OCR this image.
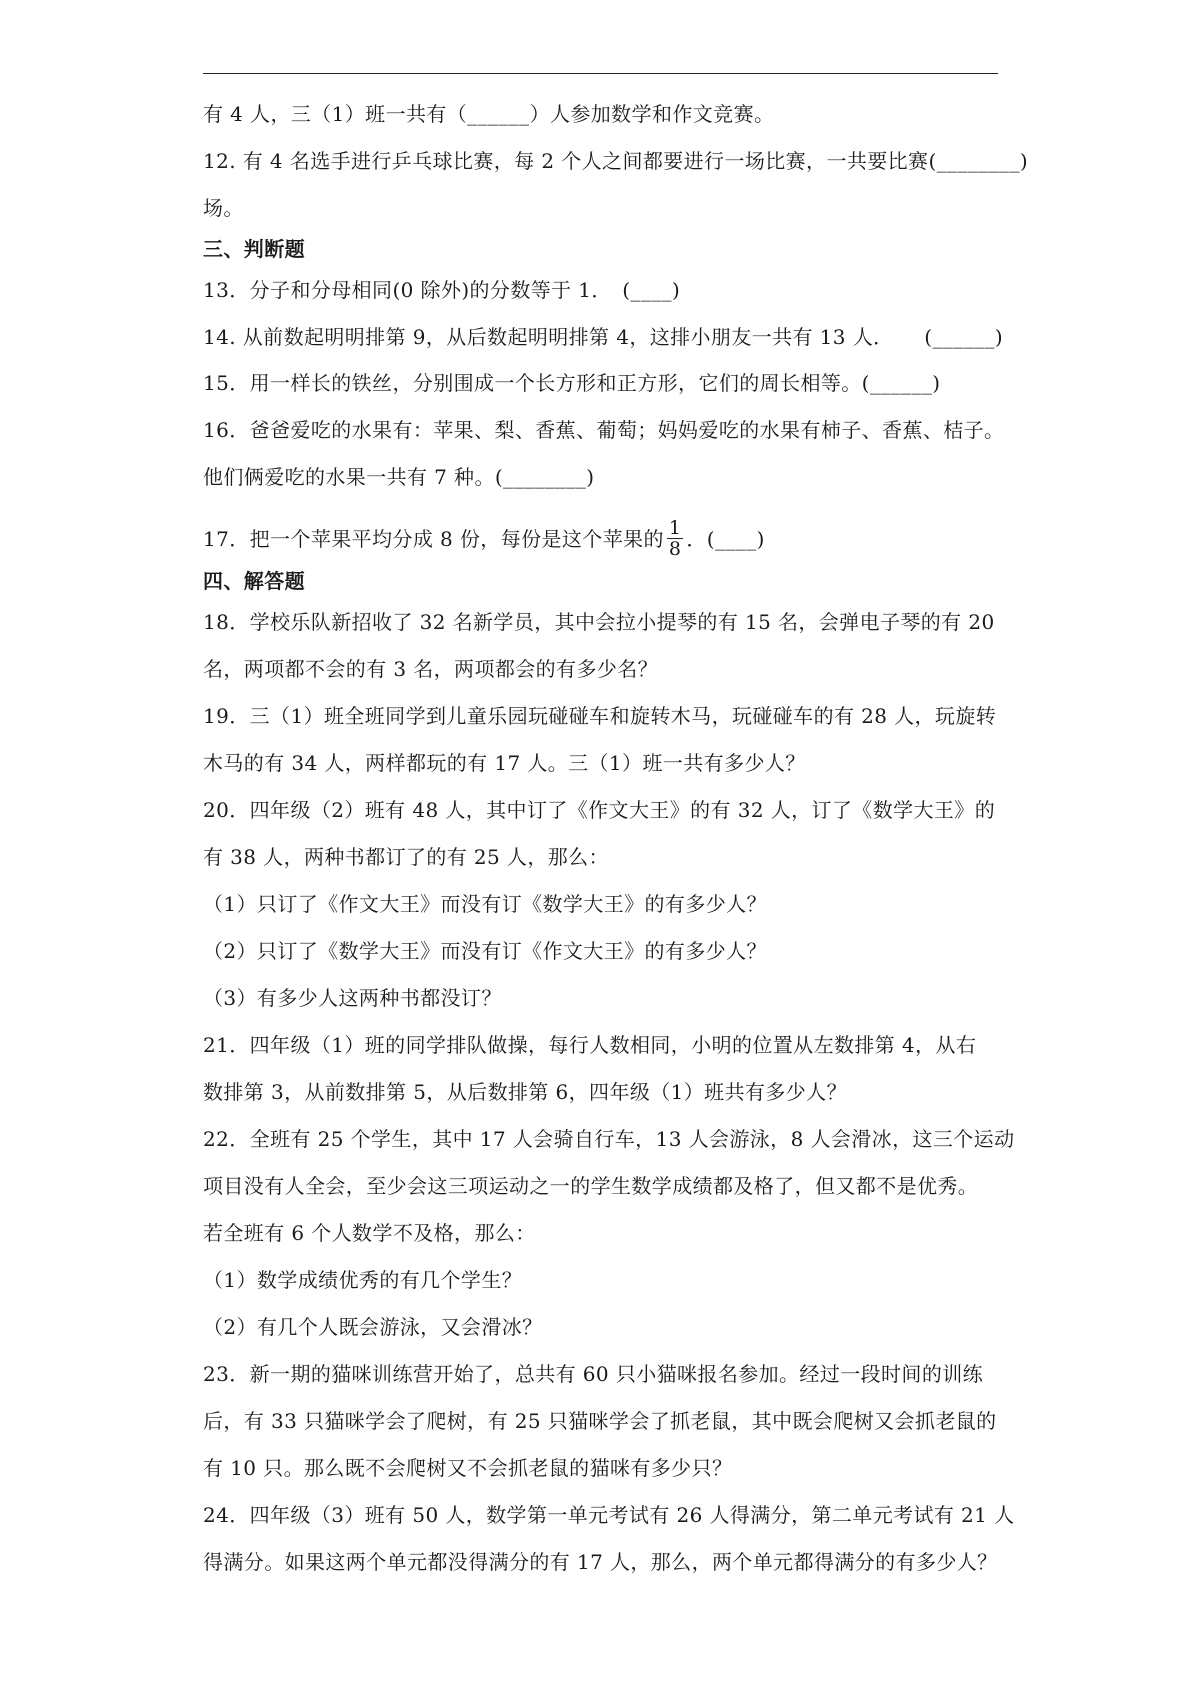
有 4 人，三（1）班一共有（______）人参加数学和作文竞赛。
12. 有 4 名选手进行乒乓球比赛，每 2 个人之间都要进行一场比赛，一共要比赛(________)
场。
三、判断题
13．分子和分母相同(0 除外)的分数等于 1．　(____)
14. 从前数起明明排第 9，从后数起明明排第 4，这排小朋友一共有 13 人．　　(______)
15．用一样长的铁丝，分别围成一个长方形和正方形，它们的周长相等。(______)
16．爸爸爱吃的水果有：苹果、梨、香蕉、葡萄；妈妈爱吃的水果有柿子、香蕉、桔子。
他们俩爱吃的水果一共有 7 种。(________)
17．把一个苹果平均分成 8 份，每份是这个苹果的 $\frac{1}{8}$ ．(____)
四、解答题
18．学校乐队新招收了 32 名新学员，其中会拉小提琴的有 15 名，会弹电子琴的有 20
名，两项都不会的有 3 名，两项都会的有多少名？
19．三（1）班全班同学到儿童乐园玩碰碰车和旋转木马，玩碰碰车的有 28 人，玩旋转
木马的有 34 人，两样都玩的有 17 人。三（1）班一共有多少人？
20．四年级（2）班有 48 人，其中订了《作文大王》的有 32 人，订了《数学大王》的
有 38 人，两种书都订了的有 25 人，那么：
（1）只订了《作文大王》而没有订《数学大王》的有多少人？
（2）只订了《数学大王》而没有订《作文大王》的有多少人？
（3）有多少人这两种书都没订？
21．四年级（1）班的同学排队做操，每行人数相同，小明的位置从左数排第 4，从右
数排第 3，从前数排第 5，从后数排第 6，四年级（1）班共有多少人？
22．全班有 25 个学生，其中 17 人会骑自行车，13 人会游泳，8 人会滑冰，这三个运动
项目没有人全会，至少会这三项运动之一的学生数学成绩都及格了，但又都不是优秀。
若全班有 6 个人数学不及格，那么：
（1）数学成绩优秀的有几个学生？
（2）有几个人既会游泳，又会滑冰？
23．新一期的猫咪训练营开始了，总共有 60 只小猫咪报名参加。经过一段时间的训练
后，有 33 只猫咪学会了爬树，有 25 只猫咪学会了抓老鼠，其中既会爬树又会抓老鼠的
有 10 只。那么既不会爬树又不会抓老鼠的猫咪有多少只？
24．四年级（3）班有 50 人，数学第一单元考试有 26 人得满分，第二单元考试有 21 人
得满分。如果这两个单元都没得满分的有 17 人，那么，两个单元都得满分的有多少人？
